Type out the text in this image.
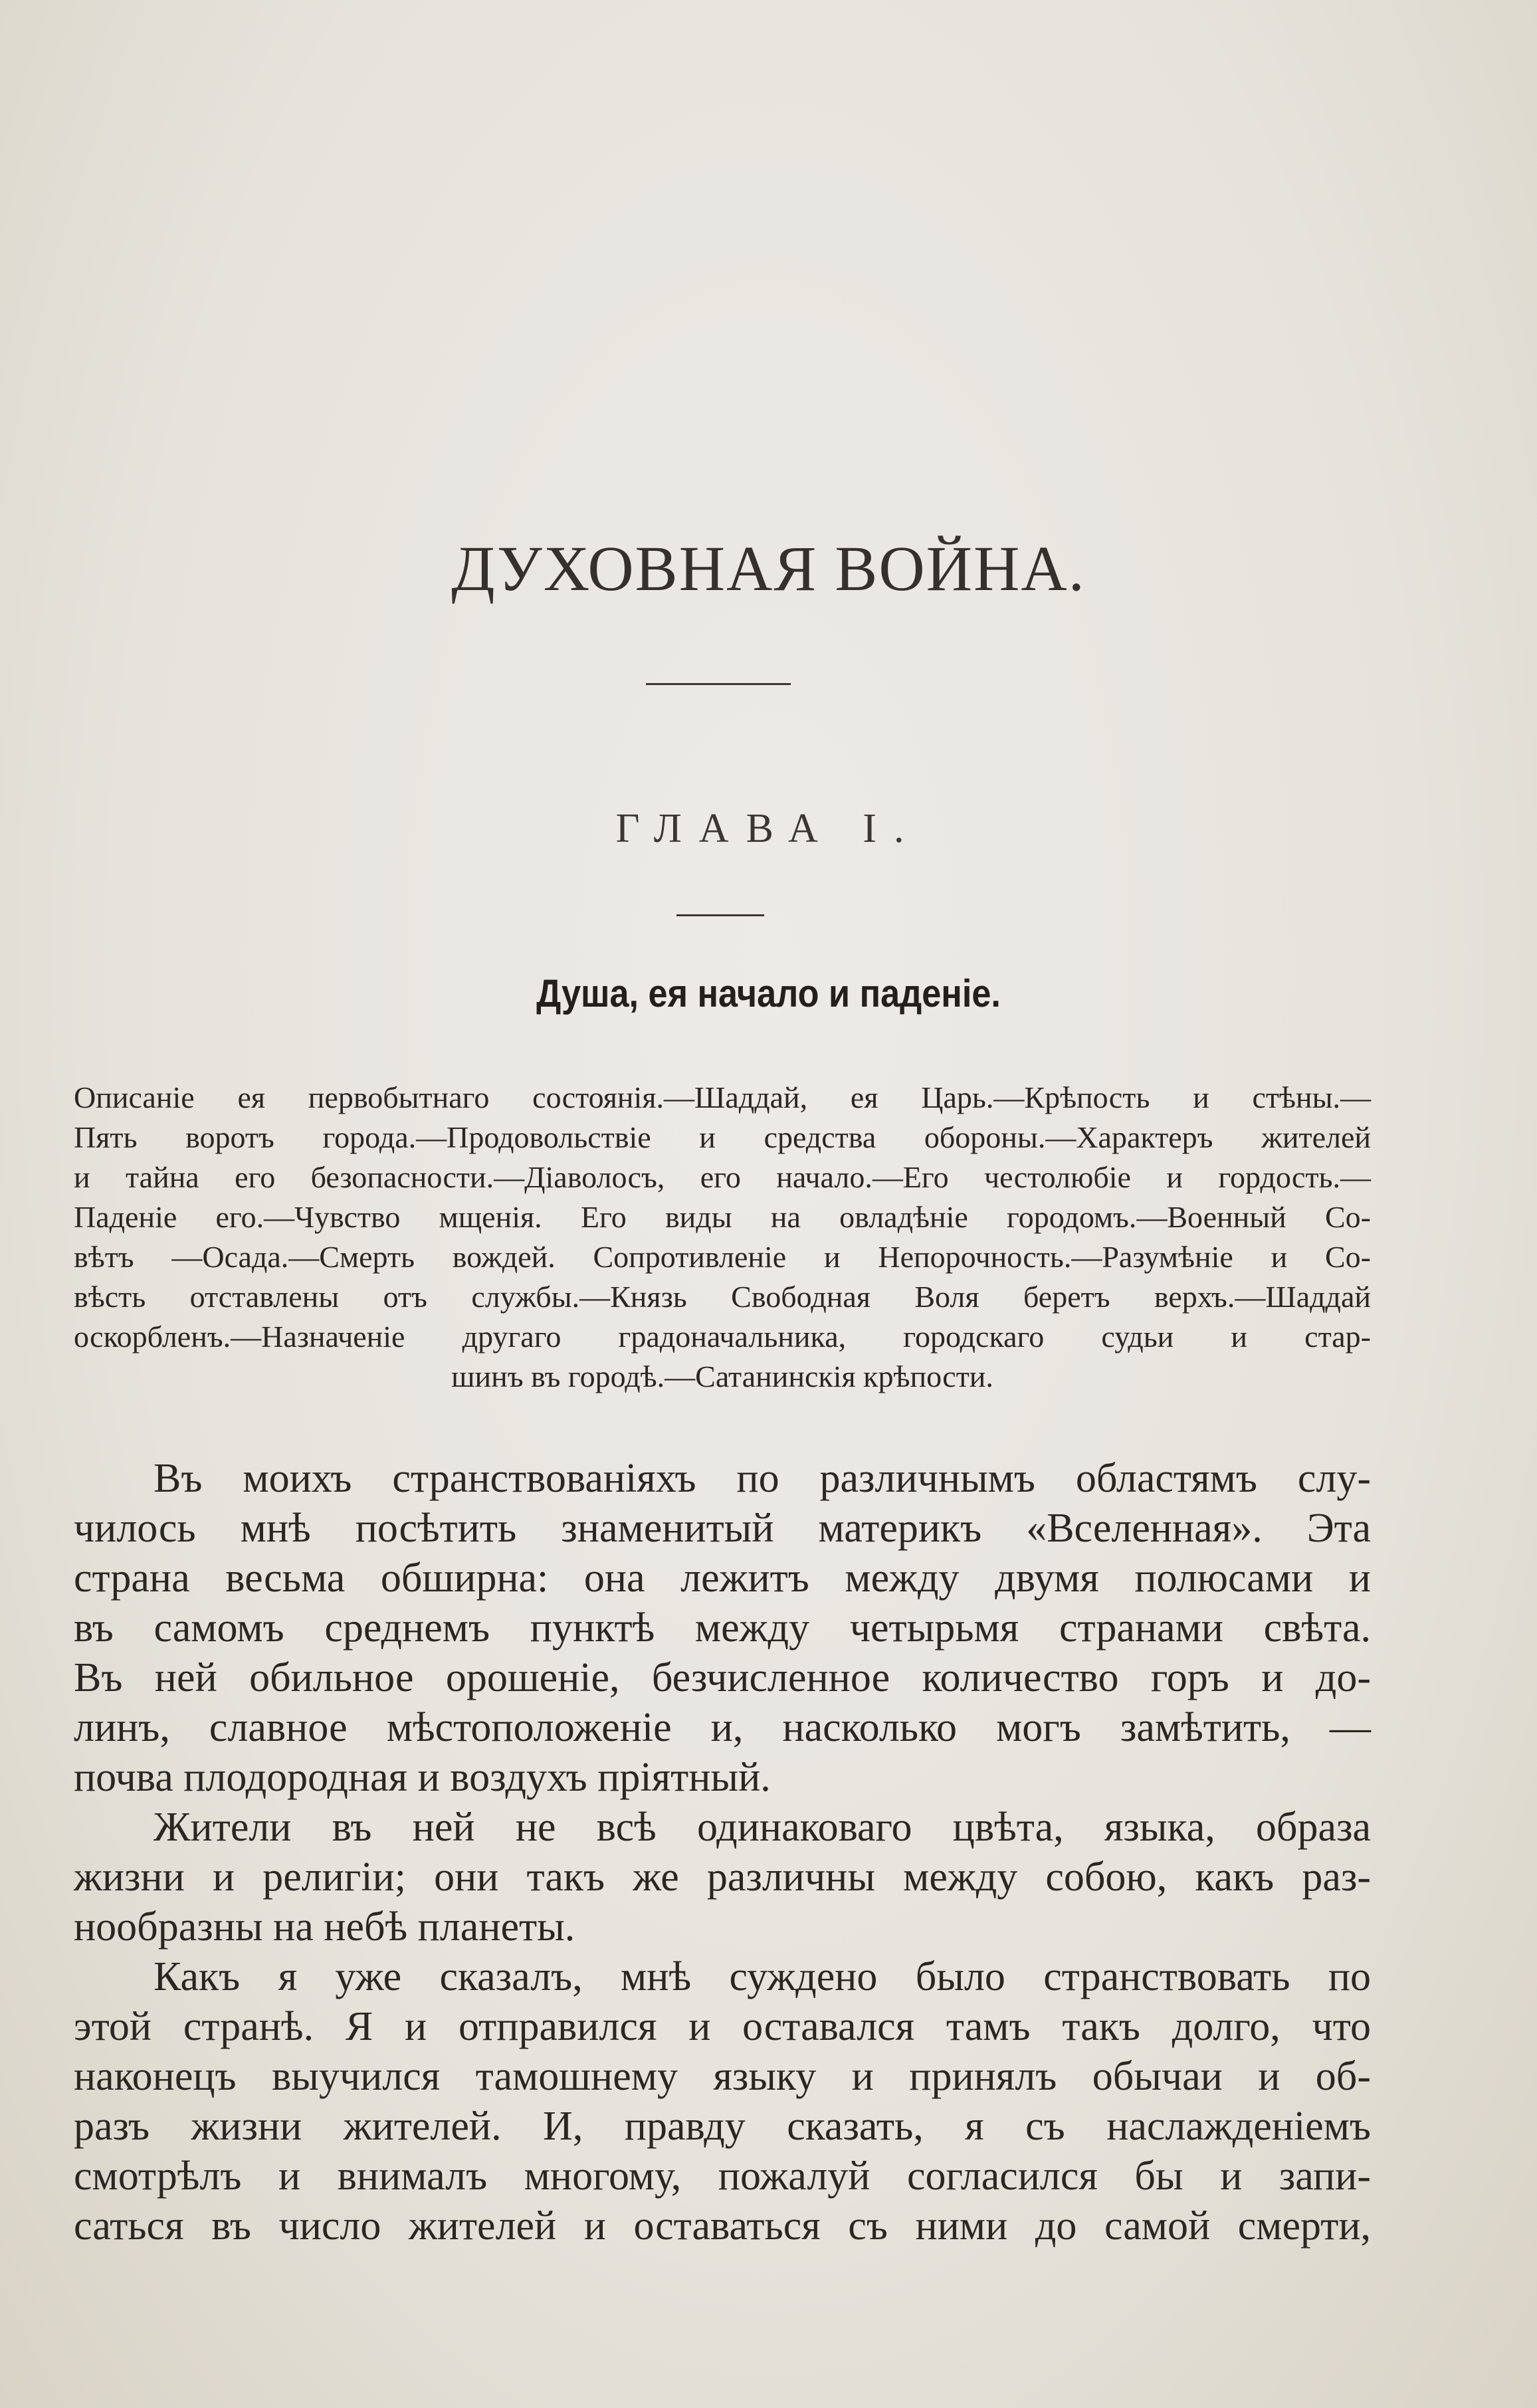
ДУХОВНАЯ ВОЙНА.
ГЛАВА I.
Душа, ея начало и паденіе.
Описаніе ея первобытнаго состоянія.—Шаддай, ея Царь.—Крѣпость и стѣны.—
Пять воротъ города.—Продовольствіе и средства обороны.—Характеръ жителей
и тайна его безопасности.—Діаволосъ, его начало.—Его честолюбіе и гордость.—
Паденіе его.—Чувство мщенія. Его виды на овладѣніе городомъ.—Военный Со-
вѣтъ —Осада.—Смерть вождей. Сопротивленіе и Непорочность.—Разумѣніе и Со-
вѣсть отставлены отъ службы.—Князь Свободная Воля беретъ верхъ.—Шаддай
оскорбленъ.—Назначеніе другаго градоначальника, городскаго судьи и стар-
шинъ въ городѣ.—Сатанинскія крѣпости.
Въ моихъ странствованіяхъ по различнымъ областямъ слу-
чилось мнѣ посѣтить знаменитый материкъ «Вселенная». Эта
страна весьма обширна: она лежитъ между двумя полюсами и
въ самомъ среднемъ пунктѣ между четырьмя странами свѣта.
Въ ней обильное орошеніе, безчисленное количество горъ и до-
линъ, славное мѣстоположеніе и, насколько могъ замѣтить, —
почва плодородная и воздухъ пріятный.
Жители въ ней не всѣ одинаковаго цвѣта, языка, образа
жизни и религіи; они такъ же различны между собою, какъ раз-
нообразны на небѣ планеты.
Какъ я уже сказалъ, мнѣ суждено было странствовать по
этой странѣ. Я и отправился и оставался тамъ такъ долго, что
наконецъ выучился тамошнему языку и принялъ обычаи и об-
разъ жизни жителей. И, правду сказать, я съ наслажденіемъ
смотрѣлъ и внималъ многому, пожалуй согласился бы и запи-
саться въ число жителей и оставаться съ ними до самой смерти,
